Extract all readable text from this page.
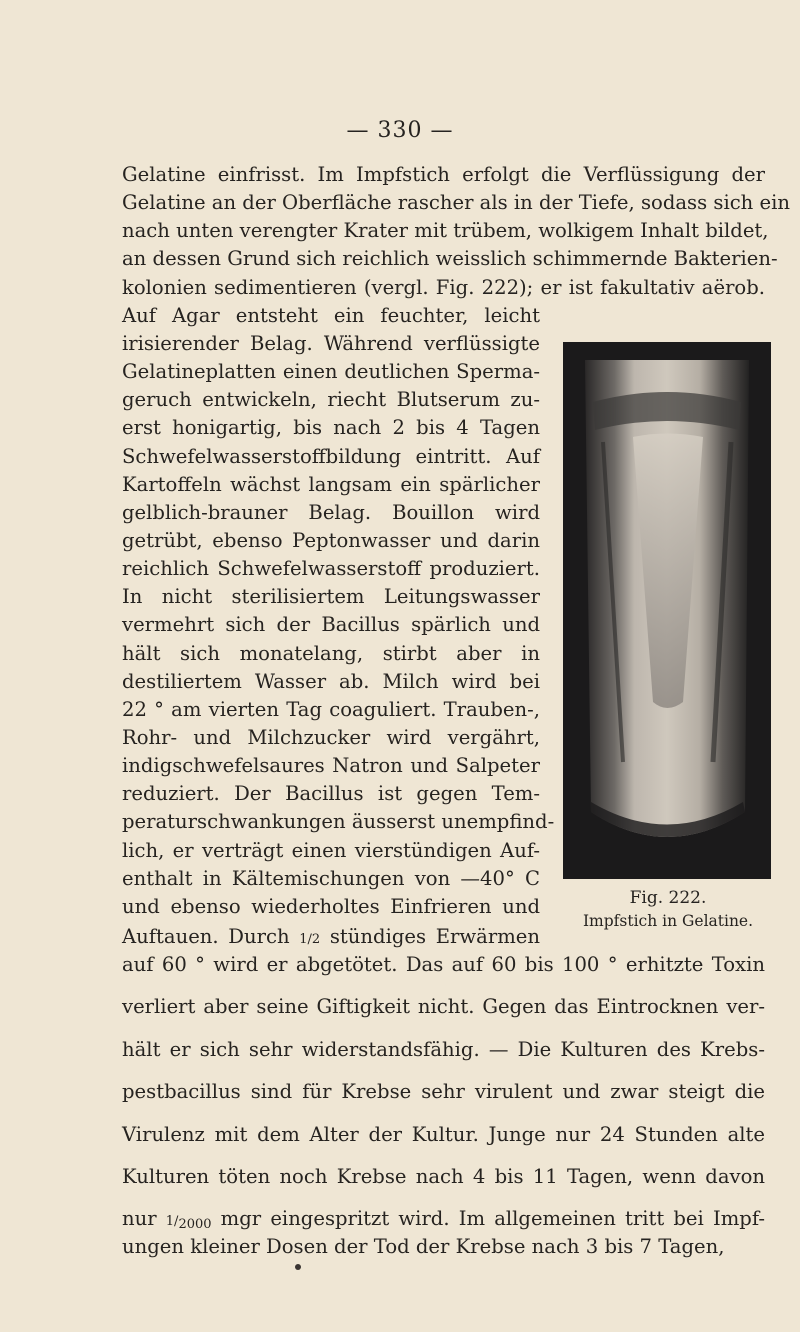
— 330 —
Gelatine einfrisst. Im Impfstich erfolgt die Verflüssigung der
Gelatine an der Oberfläche rascher als in der Tiefe, sodass sich ein
nach unten verengter Krater mit trübem, wolkigem Inhalt bildet,
an dessen Grund sich reichlich weisslich schimmernde Bakterien-
kolonien sedimentieren (vergl. Fig. 222); er ist fakultativ aërob.
Auf Agar entsteht ein feuchter, leicht
irisierender Belag. Während verflüssigte
Gelatineplatten einen deutlichen Sperma-
geruch entwickeln, riecht Blutserum zu-
erst honigartig, bis nach 2 bis 4 Tagen
Schwefelwasserstoffbildung eintritt. Auf
Kartoffeln wächst langsam ein spärlicher
gelblich-brauner Belag. Bouillon wird
getrübt, ebenso Peptonwasser und darin
reichlich Schwefelwasserstoff produziert.
In nicht sterilisiertem Leitungswasser
vermehrt sich der Bacillus spärlich und
hält sich monatelang, stirbt aber in
destiliertem Wasser ab. Milch wird bei
22 ° am vierten Tag coaguliert. Trauben-,
Rohr- und Milchzucker wird vergährt,
indigschwefelsaures Natron und Salpeter
reduziert. Der Bacillus ist gegen Tem-
peraturschwankungen äusserst unempfind-
lich, er verträgt einen vierstündigen Auf-
enthalt in Kältemischungen von —40° C
und ebenso wiederholtes Einfrieren und
Auftauen. Durch 1/2 stündiges Erwärmen
auf 60 ° wird er abgetötet. Das auf 60 bis 100 ° erhitzte Toxin
verliert aber seine Giftigkeit nicht. Gegen das Eintrocknen ver-
hält er sich sehr widerstandsfähig. — Die Kulturen des Krebs-
pestbacillus sind für Krebse sehr virulent und zwar steigt die
Virulenz mit dem Alter der Kultur. Junge nur 24 Stunden alte
Kulturen töten noch Krebse nach 4 bis 11 Tagen, wenn davon
nur $1/_{2000}$ mgr eingespritzt wird. Im allgemeinen tritt bei Impf-
ungen kleiner Dosen der Tod der Krebse nach 3 bis 7 Tagen,
Fig. 222.
Impfstich in Gelatine.
